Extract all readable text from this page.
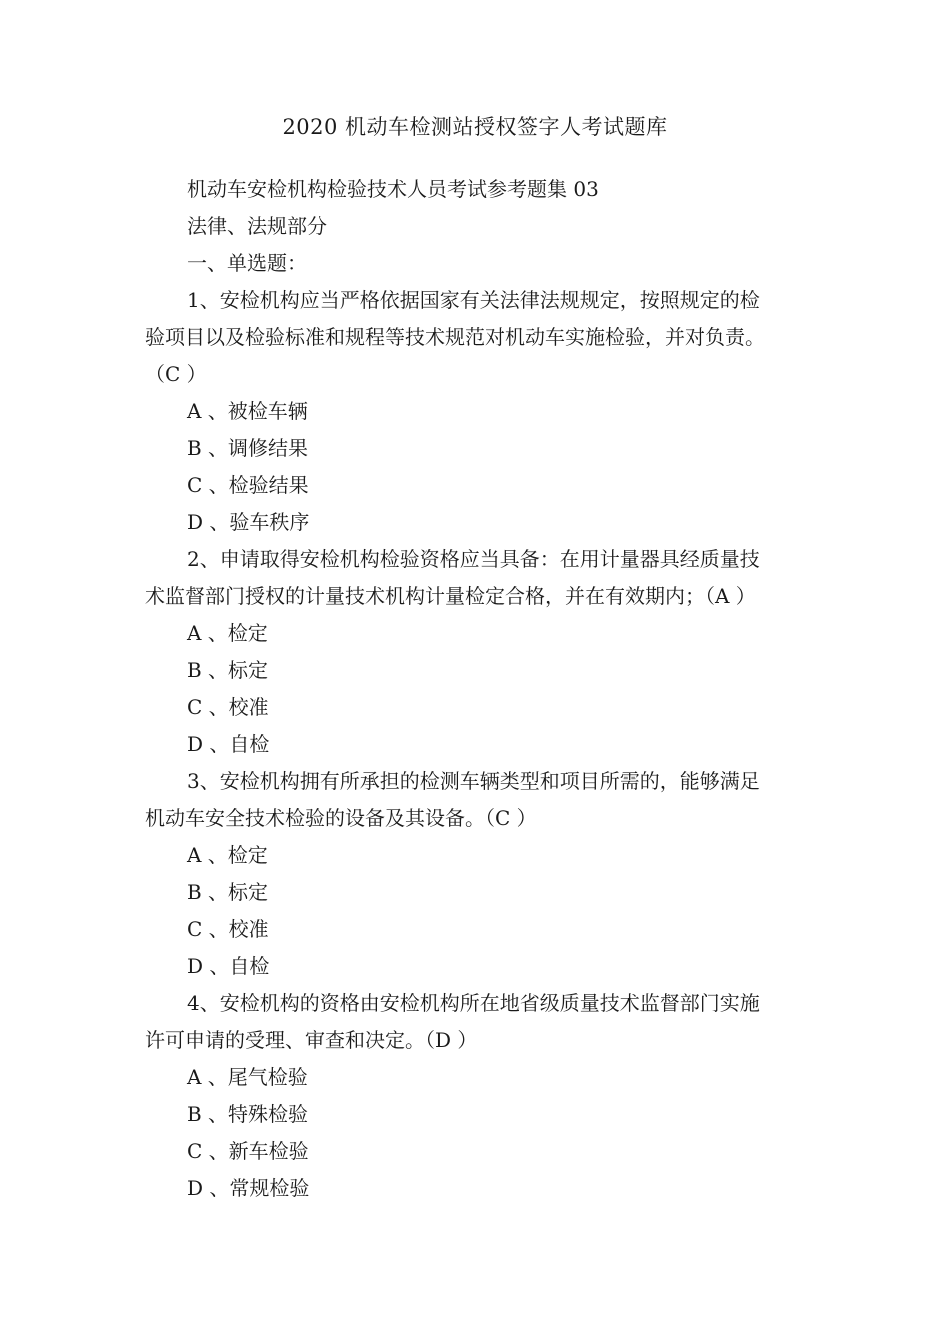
2020 机动车检测站授权签字人考试题库
机动车安检机构检验技术人员考试参考题集 03
法律、法规部分
一、单选题：
1、安检机构应当严格依据国家有关法律法规规定，按照规定的检
验项目以及检验标准和规程等技术规范对机动车实施检验，并对负责。
（C ）
A 、被检车辆
B 、调修结果
C 、检验结果
D 、验车秩序
2、申请取得安检机构检验资格应当具备：在用计量器具经质量技
术监督部门授权的计量技术机构计量检定合格，并在有效期内；（A ）
A 、检定
B 、标定
C 、校准
D 、自检
3、安检机构拥有所承担的检测车辆类型和项目所需的，能够满足
机动车安全技术检验的设备及其设备。（C ）
A 、检定
B 、标定
C 、校准
D 、自检
4、安检机构的资格由安检机构所在地省级质量技术监督部门实施
许可申请的受理、审查和决定。（D ）
A 、尾气检验
B 、特殊检验
C 、新车检验
D 、常规检验
